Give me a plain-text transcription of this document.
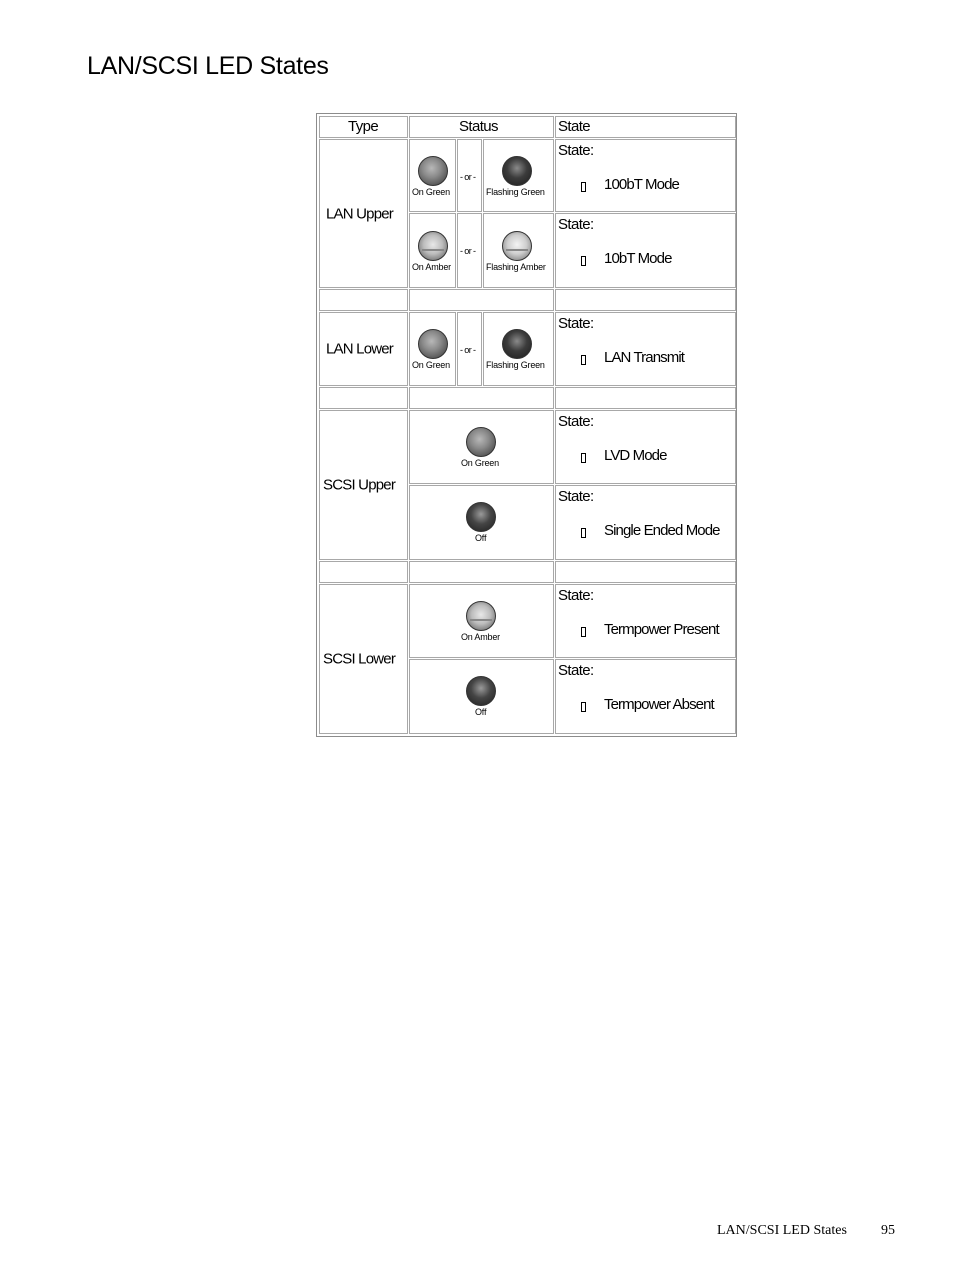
LAN/SCSI LED States
Type	Status	State
LAN Upper
On Green
- or -
Flashing Green
State:
100bT Mode
On Amber
- or -
Flashing Amber
State:
10bT Mode
LAN Lower
On Green
- or -
Flashing Green
State:
LAN Transmit
SCSI Upper
On Green
State:
LVD Mode
Off
State:
Single Ended Mode
SCSI Lower
On Amber
State:
Termpower Present
Off
State:
Termpower Absent
LAN/SCSI LED States 95
